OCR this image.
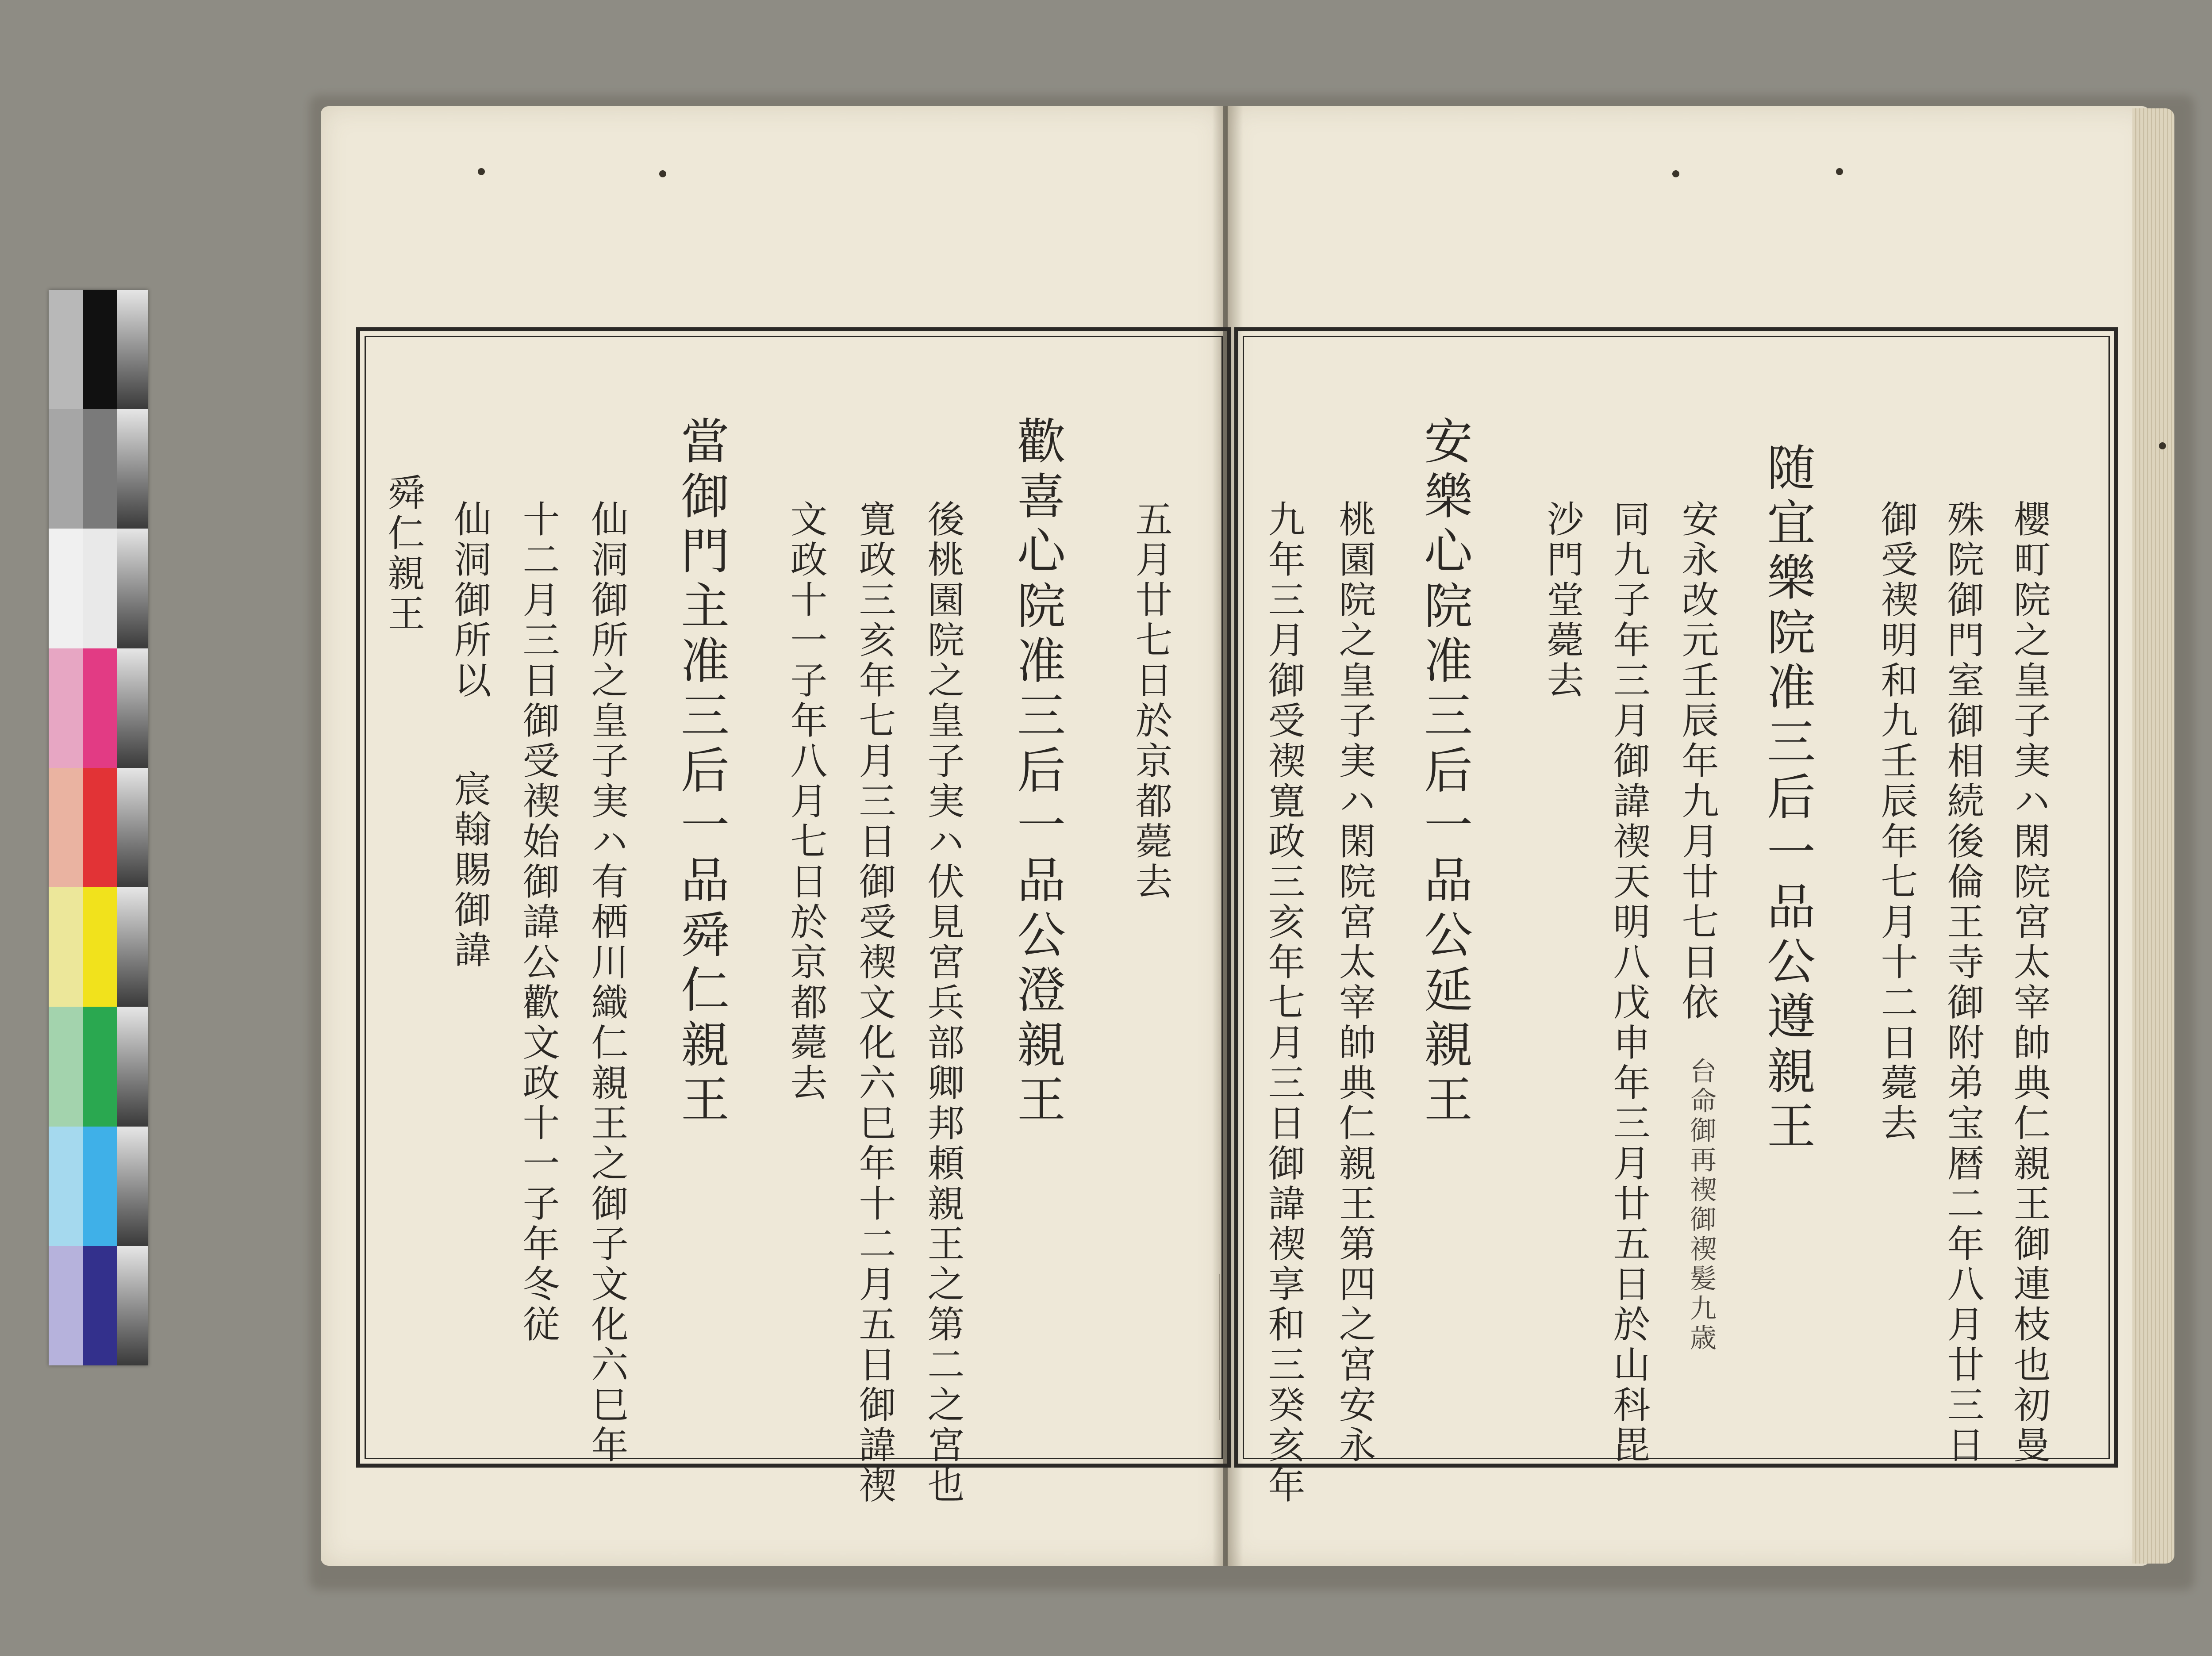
櫻町院之皇子実ハ閑院宮太宰帥典仁親王御連枝也初曼
殊院御門室御相続後倫王寺御附弟宝暦二年八月廿三日
御受禊明和九壬辰年七月十二日薨去
随宜樂院准三后一品公遵親王
安永改元壬辰年九月廿七日依
台命御再禊御禊髪九歳
同九子年三月御諱禊天明八戊申年三月廿五日於山科毘
沙門堂薨去
安樂心院准三后一品公延親王
桃園院之皇子実ハ閑院宮太宰帥典仁親王第四之宮安永
九年三月御受禊寛政三亥年七月三日御諱禊享和三癸亥年
五月廿七日於京都薨去
歡喜心院准三后一品公澄親王
後桃園院之皇子実ハ伏見宮兵部卿邦頼親王之第二之宮也
寛政三亥年七月三日御受禊文化六巳年十二月五日御諱禊
文政十一子年八月七日於京都薨去
當御門主准三后一品舜仁親王
仙洞御所之皇子実ハ有栖川織仁親王之御子文化六巳年
十二月三日御受禊始御諱公歡文政十一子年冬従
仙洞御所以
宸翰賜御諱
舜仁親王
